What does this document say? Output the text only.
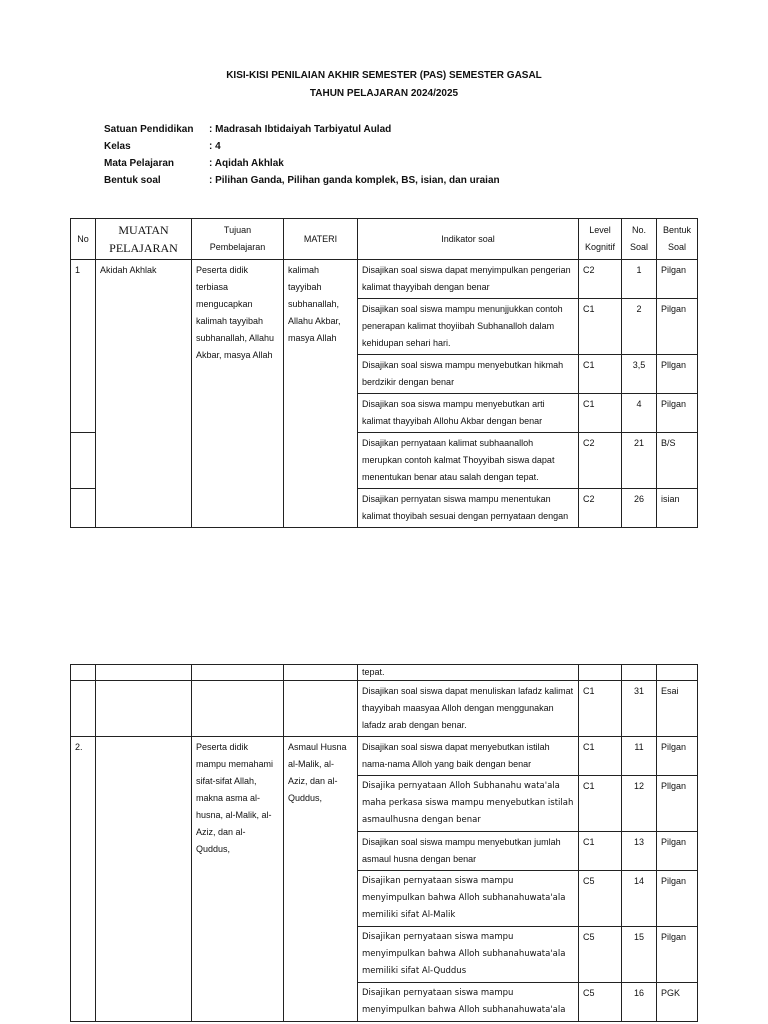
KISI-KISI PENILAIAN AKHIR SEMESTER (PAS) SEMESTER GASAL
TAHUN PELAJARAN 2024/2025
Satuan Pendidikan	: Madrasah Ibtidaiyah Tarbiyatul Aulad
Kelas	: 4
Mata Pelajaran	: Aqidah Akhlak
Bentuk soal	: Pilihan Ganda, Pilihan ganda komplek, BS, isian, dan uraian
No	MUATAN PELAJARAN	Tujuan Pembelajaran	MATERI	Indikator soal	Level Kognitif	No. Soal	Bentuk Soal
1	Akidah Akhlak	Peserta didik terbiasa mengucapkan kalimah tayyibah subhanallah, Allahu Akbar, masya Allah	kalimah tayyibah subhanallah, Allahu Akbar, masya Allah	Disajikan soal siswa dapat menyimpulkan pengerian kalimat thayyibah dengan benar	C2	1	Pilgan
				Disajikan soal siswa mampu menunjjukkan contoh penerapan kalimat thoyiibah Subhanalloh dalam kehidupan sehari hari.	C1	2	Pilgan
				Disajikan soal siswa mampu menyebutkan hikmah berdzikir dengan benar	C1	3,5	Pllgan
				Disajikan soa siswa mampu menyebutkan arti kalimat thayyibah Allohu Akbar dengan benar	C1	4	Pilgan
				Disajikan pernyataan kalimat subhaanalloh merupkan contoh kalmat Thoyyibah siswa dapat menentukan benar atau salah dengan tepat.	C2	21	B/S
				Disajikan pernyatan siswa mampu menentukan kalimat thoyibah sesuai dengan pernyataan dengan	C2	26	isian
				tepat.			
				Disajikan soal siswa dapat menuliskan lafadz kalimat thayyibah maasyaa Alloh dengan menggunakan lafadz arab dengan benar.	C1	31	Esai
2.		Peserta didik mampu memahami sifat-sifat Allah, makna asma al-husna, al-Malik, al-Aziz, dan al-Quddus,	Asmaul Husna al-Malik, al-Aziz, dan al-Quddus,	Disajikan soal siswa dapat menyebutkan istilah nama-nama Alloh yang baik dengan benar	C1	11	Pilgan
				Disajika pernyataan Alloh Subhanahu wata'ala maha perkasa siswa mampu menyebutkan istilah asmaulhusna dengan benar	C1	12	Pllgan
				Disajikan soal siswa mampu menyebutkan jumlah asmaul husna dengan benar	C1	13	Pilgan
				Disajikan pernyataan siswa mampu menyimpulkan bahwa Alloh subhanahuwata'ala memiliki sifat Al-Malik	C5	14	Pilgan
				Disajikan pernyataan siswa mampu menyimpulkan bahwa Alloh subhanahuwata'ala memiliki sifat Al-Quddus	C5	15	Pilgan
				Disajikan pernyataan siswa mampu menyimpulkan bahwa Alloh subhanahuwata'ala	C5	16	PGK
